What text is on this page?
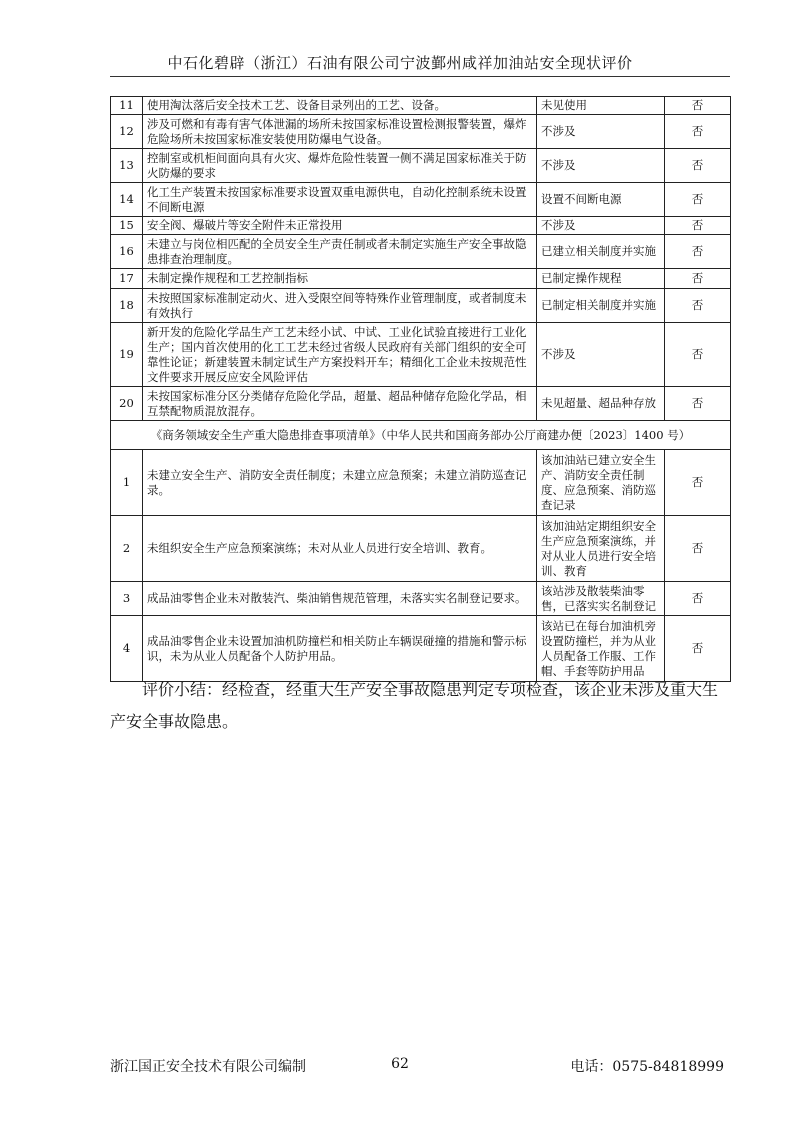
中石化碧辟（浙江）石油有限公司宁波鄞州咸祥加油站安全现状评价
11	使用淘汰落后安全技术工艺、设备目录列出的工艺、设备。	未见使用	否
12	涉及可燃和有毒有害气体泄漏的场所未按国家标准设置检测报警装置，爆炸危险场所未按国家标准安装使用防爆电气设备。	不涉及	否
13	控制室或机柜间面向具有火灾、爆炸危险性装置一侧不满足国家标准关于防火防爆的要求	不涉及	否
14	化工生产装置未按国家标准要求设置双重电源供电，自动化控制系统未设置不间断电源	设置不间断电源	否
15	安全阀、爆破片等安全附件未正常投用	不涉及	否
16	未建立与岗位相匹配的全员安全生产责任制或者未制定实施生产安全事故隐患排查治理制度。	已建立相关制度并实施	否
17	未制定操作规程和工艺控制指标	已制定操作规程	否
18	未按照国家标准制定动火、进入受限空间等特殊作业管理制度，或者制度未有效执行	已制定相关制度并实施	否
19	新开发的危险化学品生产工艺未经小试、中试、工业化试验直接进行工业化生产；国内首次使用的化工工艺未经过省级人民政府有关部门组织的安全可靠性论证；新建装置未制定试生产方案投料开车；精细化工企业未按规范性文件要求开展反应安全风险评估	不涉及	否
20	未按国家标准分区分类储存危险化学品，超量、超品种储存危险化学品，相互禁配物质混放混存。	未见超量、超品种存放	否
《商务领域安全生产重大隐患排查事项清单》（中华人民共和国商务部办公厅商建办便〔2023〕1400 号）			
1	未建立安全生产、消防安全责任制度；未建立应急预案；未建立消防巡查记录。	该加油站已建立安全生产、消防安全责任制度、应急预案、消防巡查记录	否
2	未组织安全生产应急预案演练；未对从业人员进行安全培训、教育。	该加油站定期组织安全生产应急预案演练，并对从业人员进行安全培训、教育	否
3	成品油零售企业未对散装汽、柴油销售规范管理，未落实实名制登记要求。	该站涉及散装柴油零售，已落实实名制登记	否
4	成品油零售企业未设置加油机防撞栏和相关防止车辆误碰撞的措施和警示标识，未为从业人员配备个人防护用品。	该站已在每台加油机旁设置防撞栏，并为从业人员配备工作服、工作帽、手套等防护用品	否
评价小结：经检查，经重大生产安全事故隐患判定专项检查，该企业未涉及重大生产安全事故隐患。
浙江国正安全技术有限公司编制	62	电话：0575-84818999
